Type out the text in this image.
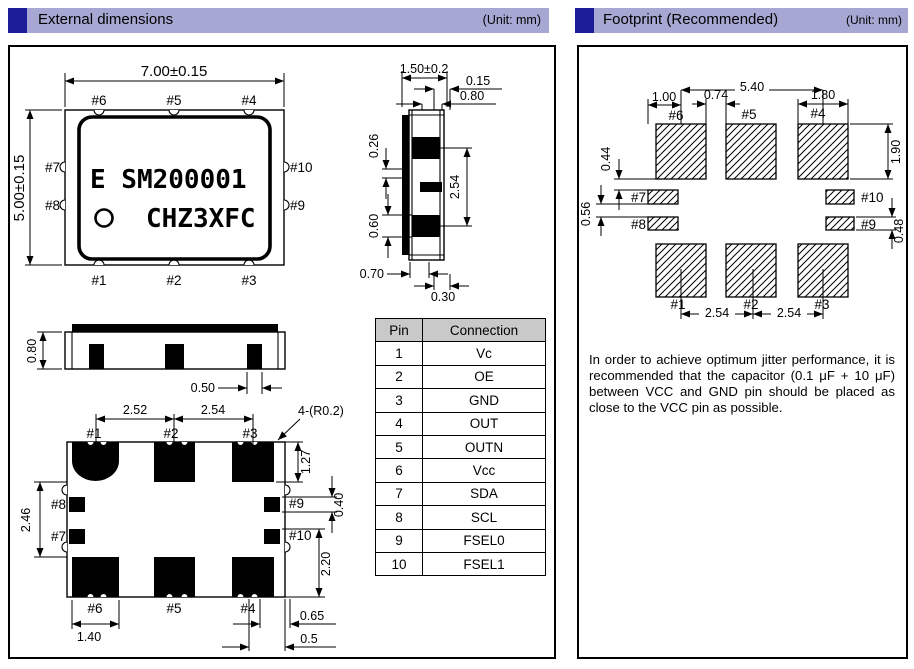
External dimensions	(Unit: mm)	Footprint (Recommended)	(Unit: mm)
E SM200001
CHZ3XFC
7.00±0.15
5.00±0.15
#6	#5	#4
#1	#2	#3
#7
#8
#10
#9
1.50±0.2
0.15
0.80
0.26
2.54
0.60
0.70
0.30
0.80
0.50
2.52	2.54	4-(R0.2)
1.27
0.40
2.46
2.20
0.65
0.5
1.40
#1	#2	#3
#8
#7
#9
#10
#6	#5	#4
Pin	Connection
1	Vc
2	OE
3	GND
4	OUT
5	OUTN
6	Vcc
7	SDA
8	SCL
9	FSEL0
10	FSEL1
5.40
1.00 0.74	1.80
1.90
0.44
0.56
0.48
2.54	2.54
#6	#5	#4
#7
#8
#10
#9
#1	#2	#3
In order to achieve optimum jitter performance, it is recommended that the capacitor (0.1 μF + 10 μF) between VCC and GND pin should be placed as close to the VCC pin as possible.
